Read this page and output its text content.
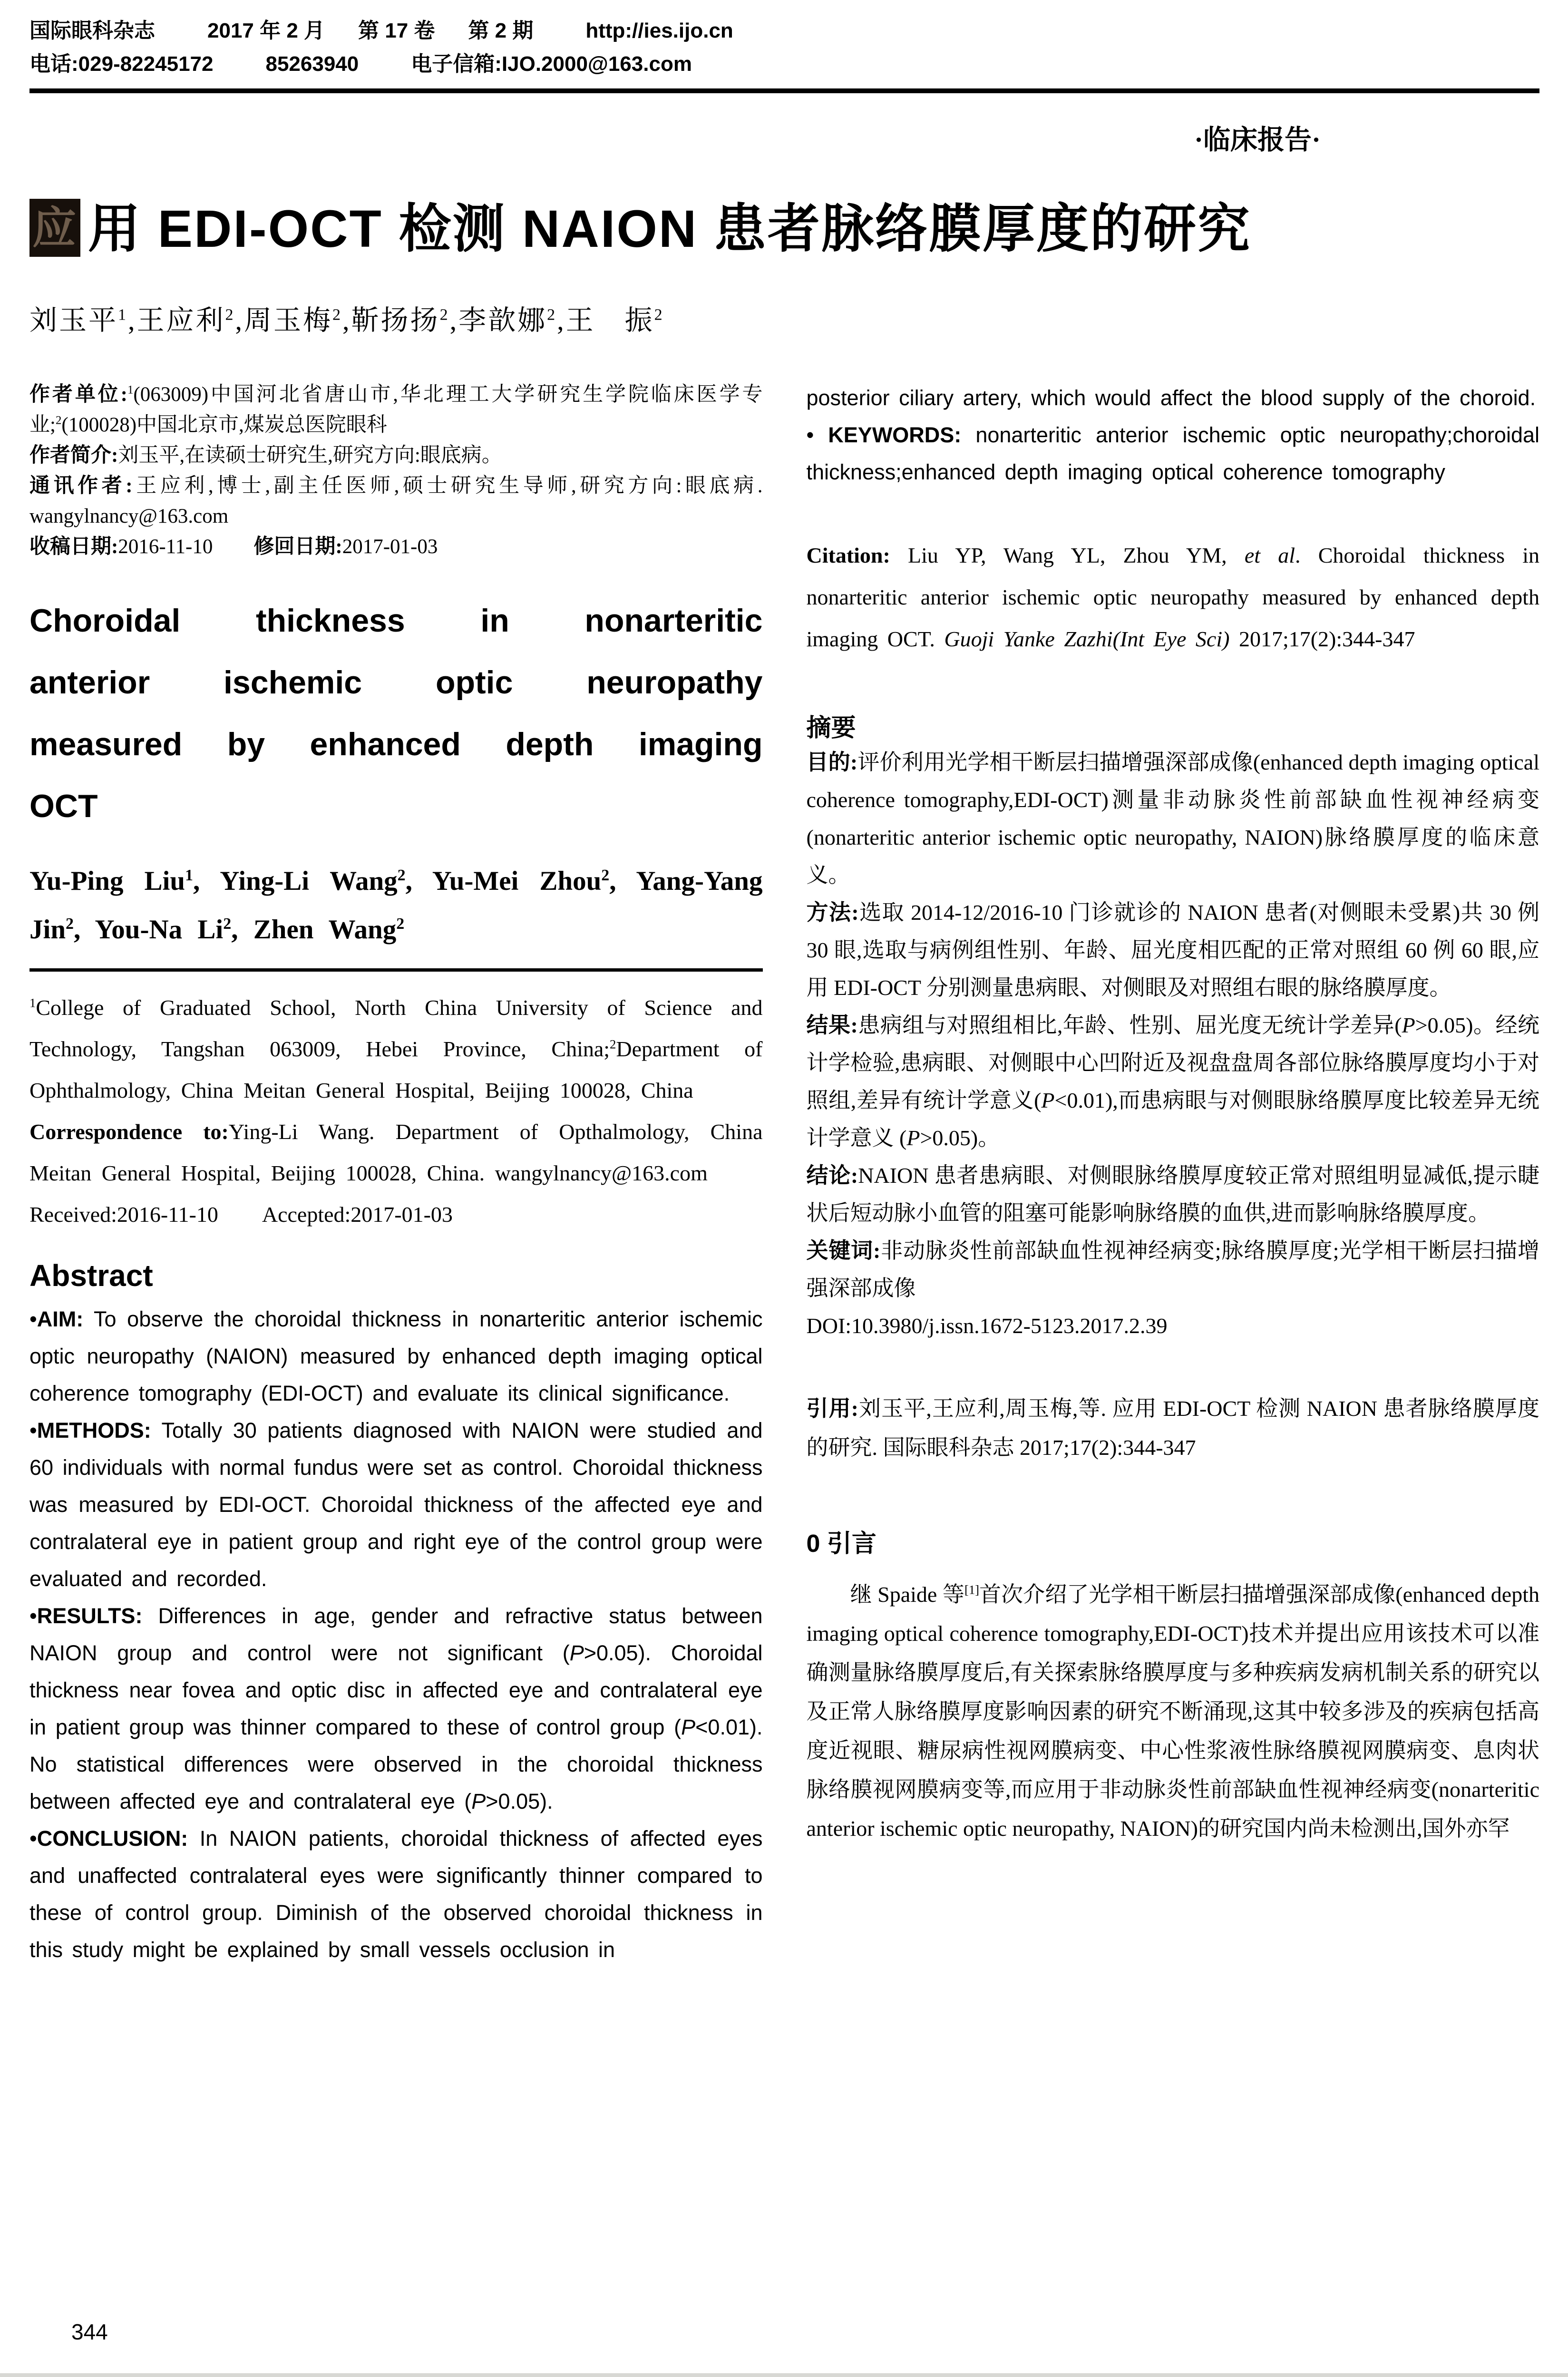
国际眼科杂志	2017 年 2 月 第 17 卷 第 2 期	http://ies.ijo.cn
电话:029-82245172	85263940	电子信箱:IJO.2000@163.com
·临床报告·
应 用 EDI-OCT 检测 NAION 患者脉络膜厚度的研究
刘玉平$^1$,王应利$^2$,周玉梅$^2$,靳扬扬$^2$,李歆娜$^2$,王　振$^2$

作者单位:$^1$(063009)中国河北省唐山市,华北理工大学研究生学院临床医学专业;$^2$(100028)中国北京市,煤炭总医院眼科

作者简介:刘玉平,在读硕士研究生,研究方向:眼底病。

通讯作者:王应利,博士,副主任医师,硕士研究生导师,研究方向:眼底病. wangylnancy@163.com

收稿日期:2016-11-10　　 修回日期:2017-01-03

Choroidal thickness in nonarteritic anterior ischemic optic neuropathy measured by enhanced depth imaging OCT
Yu-Ping Liu$^1$, Ying-Li Wang$^2$, Yu-Mei Zhou$^2$, Yang-Yang Jin$^2$, You-Na Li$^2$, Zhen Wang$^2$

$^1$College of Graduated School, North China University of Science and Technology, Tangshan 063009, Hebei Province, China;$^2$Department of Ophthalmology, China Meitan General Hospital, Beijing 100028, China

Correspondence to:Ying-Li Wang. Department of Opthalmology, China Meitan General Hospital, Beijing 100028, China. wangylnancy@163.com

Received:2016-11-10　　 Accepted:2017-01-03

Abstract

•AIM: To observe the choroidal thickness in nonarteritic anterior ischemic optic neuropathy (NAION) measured by enhanced depth imaging optical coherence tomography (EDI-OCT) and evaluate its clinical significance.

•METHODS: Totally 30 patients diagnosed with NAION were studied and 60 individuals with normal fundus were set as control. Choroidal thickness was measured by EDI-OCT. Choroidal thickness of the affected eye and contralateral eye in patient group and right eye of the control group were evaluated and recorded.

•RESULTS: Differences in age, gender and refractive status between NAION group and control were not significant (P>0.05). Choroidal thickness near fovea and optic disc in affected eye and contralateral eye in patient group was thinner compared to these of control group (P<0.01). No statistical differences were observed in the choroidal thickness between affected eye and contralateral eye (P>0.05).

•CONCLUSION: In NAION patients, choroidal thickness of affected eyes and unaffected contralateral eyes were significantly thinner compared to these of control group. Diminish of the observed choroidal thickness in this study might be explained by small vessels occlusion in

posterior ciliary artery, which would affect the blood supply of the choroid.

• KEYWORDS: nonarteritic anterior ischemic optic neuropathy;choroidal thickness;enhanced depth imaging optical coherence tomography

Citation: Liu YP, Wang YL, Zhou YM, et al. Choroidal thickness in nonarteritic anterior ischemic optic neuropathy measured by enhanced depth imaging OCT. Guoji Yanke Zazhi(Int Eye Sci) 2017;17(2):344-347

摘要

目的:评价利用光学相干断层扫描增强深部成像(enhanced depth imaging optical coherence tomography,EDI-OCT)测量非动脉炎性前部缺血性视神经病变(nonarteritic anterior ischemic optic neuropathy, NAION)脉络膜厚度的临床意义。

方法:选取 2014-12/2016-10 门诊就诊的 NAION 患者(对侧眼未受累)共 30 例 30 眼,选取与病例组性别、年龄、屈光度相匹配的正常对照组 60 例 60 眼,应用 EDI-OCT 分别测量患病眼、对侧眼及对照组右眼的脉络膜厚度。

结果:患病组与对照组相比,年龄、性别、屈光度无统计学差异(P>0.05)。经统计学检验,患病眼、对侧眼中心凹附近及视盘盘周各部位脉络膜厚度均小于对照组,差异有统计学意义(P<0.01),而患病眼与对侧眼脉络膜厚度比较差异无统计学意义 (P>0.05)。

结论:NAION 患者患病眼、对侧眼脉络膜厚度较正常对照组明显减低,提示睫状后短动脉小血管的阻塞可能影响脉络膜的血供,进而影响脉络膜厚度。

关键词:非动脉炎性前部缺血性视神经病变;脉络膜厚度;光学相干断层扫描增强深部成像

DOI:10.3980/j.issn.1672-5123.2017.2.39

引用:刘玉平,王应利,周玉梅,等. 应用 EDI-OCT 检测 NAION 患者脉络膜厚度的研究. 国际眼科杂志 2017;17(2):344-347

0 引言

继 Spaide 等[1]首次介绍了光学相干断层扫描增强深部成像(enhanced depth imaging optical coherence tomography,EDI-OCT)技术并提出应用该技术可以准确测量脉络膜厚度后,有关探索脉络膜厚度与多种疾病发病机制关系的研究以及正常人脉络膜厚度影响因素的研究不断涌现,这其中较多涉及的疾病包括高度近视眼、糖尿病性视网膜病变、中心性浆液性脉络膜视网膜病变、息肉状脉络膜视网膜病变等,而应用于非动脉炎性前部缺血性视神经病变(nonarteritic anterior ischemic optic neuropathy, NAION)的研究国内尚未检测出,国外亦罕

344
